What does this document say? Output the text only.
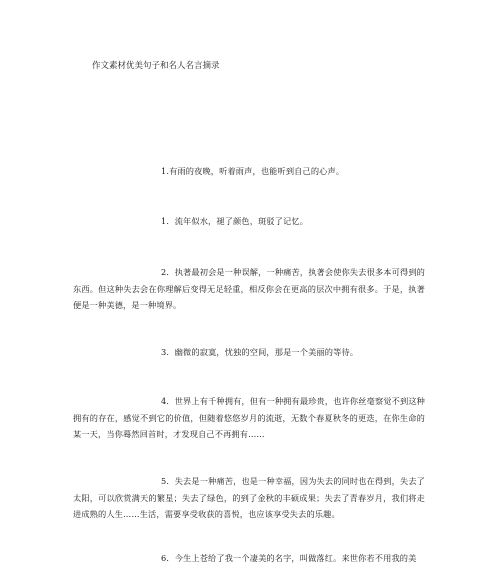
作文素材优美句子和名人名言摘录
1.有雨的夜晚，听着雨声，也能听到自己的心声。
1．流年似水，褪了颜色，斑驳了记忆。
2．执著最初会是一种误解，一种痛苦，执著会使你失去很多本可得到的东西。但这种失去会在你理解后变得无足轻重，相反你会在更高的层次中拥有很多。于是，执著便是一种美德，是一种境界。
3．幽微的寂寞，忧独的空间，那是一个美丽的等待。
4．世界上有千种拥有，但有一种拥有最珍贵，也许你丝毫察觉不到这种拥有的存在，感觉不到它的价值，但随着悠悠岁月的流逝，无数个春夏秋冬的更迭，在你生命的某一天，当你蓦然回首时，才发现自己不再拥有……
5．失去是一种痛苦，也是一种幸福，因为失去的同时也在得到，失去了太阳，可以欣赏满天的繁星；失去了绿色，的到了金秋的丰硕成果；失去了青春岁月，我们将走进成熟的人生……生活，需要享受收获的喜悦，也应该享受失去的乐趣。
6．今生上苍给了我一个凄美的名字，叫做落红。来世你若不用我的美
